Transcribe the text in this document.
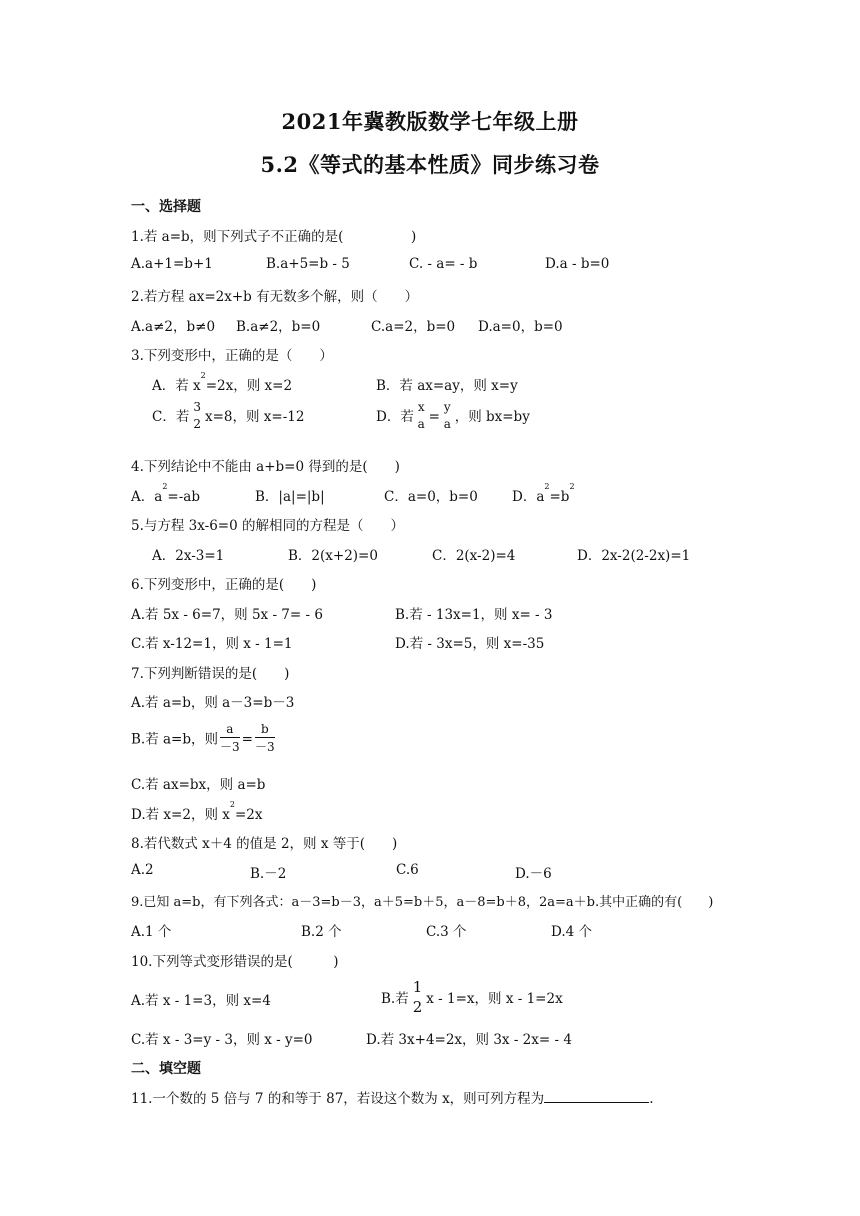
2021年冀教版数学七年级上册
5.2《等式的基本性质》同步练习卷
一、选择题
1.若 a=b，则下列式子不正确的是(　　　　　)
A.a+1=b+1	B.a+5=b - 5	C. - a= - b	D.a - b=0
2.若方程 ax=2x+b 有无数多个解，则（　　）
A.a≠2，b≠0 B.a≠2，b=0	C.a=2，b=0 D.a=0，b=0
3.下列变形中，正确的是（　　）
A．若 $x^2=2x$，则 x=2	B．若 ax=ay，则 x=y
C．若
3
2 x=8，则 x=-12	D．若
x
a =
y
a ，则 bx=by
4.下列结论中不能由 a+b=0 得到的是(　　)
A．$a^2=-ab$	B．|a|=|b|	C．a=0，b=0	D．$a^2=b^2$
5.与方程 3x-6=0 的解相同的方程是（　　）
A．2x-3=1	B．2(x+2)=0	C．2(x-2)=4	D．2x-2(2-2x)=1
6.下列变形中，正确的是(　　)
A.若 5x - 6=7，则 5x - 7= - 6	B.若 - 13x=1，则 x= - 3
C.若 x-12=1，则 x - 1=1	D.若 - 3x=5，则 x=-35
7.下列判断错误的是(　　)
A.若 a=b，则 a－3=b－3
B.若 a=b，则 $\frac{a}{-3} = \frac{b}{-3}$
C.若 ax=bx，则 a=b
D.若 x=2，则 $x^2=2x$
8.若代数式 x＋4 的值是 2，则 x 等于(　　)
A.2	B.－2	C.6	D.－6
9.已知 a=b，有下列各式：a－3=b－3，a＋5=b＋5，a－8=b＋8，2a=a＋b.其中正确的有(　　)
A.1 个	B.2 个	C.3 个	D.4 个
10.下列等式变形错误的是(　　　)
A.若 x - 1=3，则 x=4	B.若
1
2 x - 1=x，则 x - 1=2x
C.若 x - 3=y - 3，则 x - y=0	D.若 3x+4=2x，则 3x - 2x= - 4
二、填空题
11.一个数的 5 倍与 7 的和等于 87，若设这个数为 x，则可列方程为	.
